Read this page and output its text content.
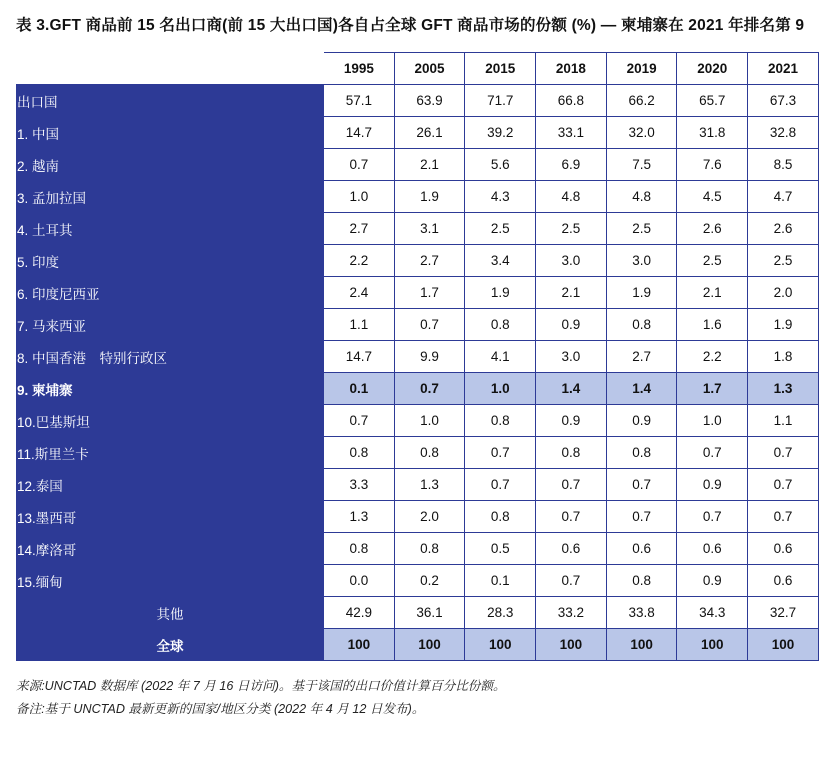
表 3.GFT 商品前 15 名出口商(前 15 大出口国)各自占全球 GFT 商品市场的份额 (%) — 柬埔寨在 2021 年排名第 9
	1995	2005	2015	2018	2019	2020	2021
出口国	57.1	63.9	71.7	66.8	66.2	65.7	67.3
1. 中国	14.7	26.1	39.2	33.1	32.0	31.8	32.8
2. 越南	0.7	2.1	5.6	6.9	7.5	7.6	8.5
3. 孟加拉国	1.0	1.9	4.3	4.8	4.8	4.5	4.7
4. 土耳其	2.7	3.1	2.5	2.5	2.5	2.6	2.6
5. 印度	2.2	2.7	3.4	3.0	3.0	2.5	2.5
6. 印度尼西亚	2.4	1.7	1.9	2.1	1.9	2.1	2.0
7. 马来西亚	1.1	0.7	0.8	0.9	0.8	1.6	1.9
8. 中国香港　特别行政区	14.7	9.9	4.1	3.0	2.7	2.2	1.8
9. 柬埔寨	0.1	0.7	1.0	1.4	1.4	1.7	1.3
10.巴基斯坦	0.7	1.0	0.8	0.9	0.9	1.0	1.1
11.斯里兰卡	0.8	0.8	0.7	0.8	0.8	0.7	0.7
12.泰国	3.3	1.3	0.7	0.7	0.7	0.9	0.7
13.墨西哥	1.3	2.0	0.8	0.7	0.7	0.7	0.7
14.摩洛哥	0.8	0.8	0.5	0.6	0.6	0.6	0.6
15.缅甸	0.0	0.2	0.1	0.7	0.8	0.9	0.6
其他	42.9	36.1	28.3	33.2	33.8	34.3	32.7
全球	100	100	100	100	100	100	100
来源:UNCTAD 数据库 (2022 年 7 月 16 日访问)。基于该国的出口价值计算百分比份额。
备注:基于 UNCTAD 最新更新的国家/地区分类 (2022 年 4 月 12 日发布)。
